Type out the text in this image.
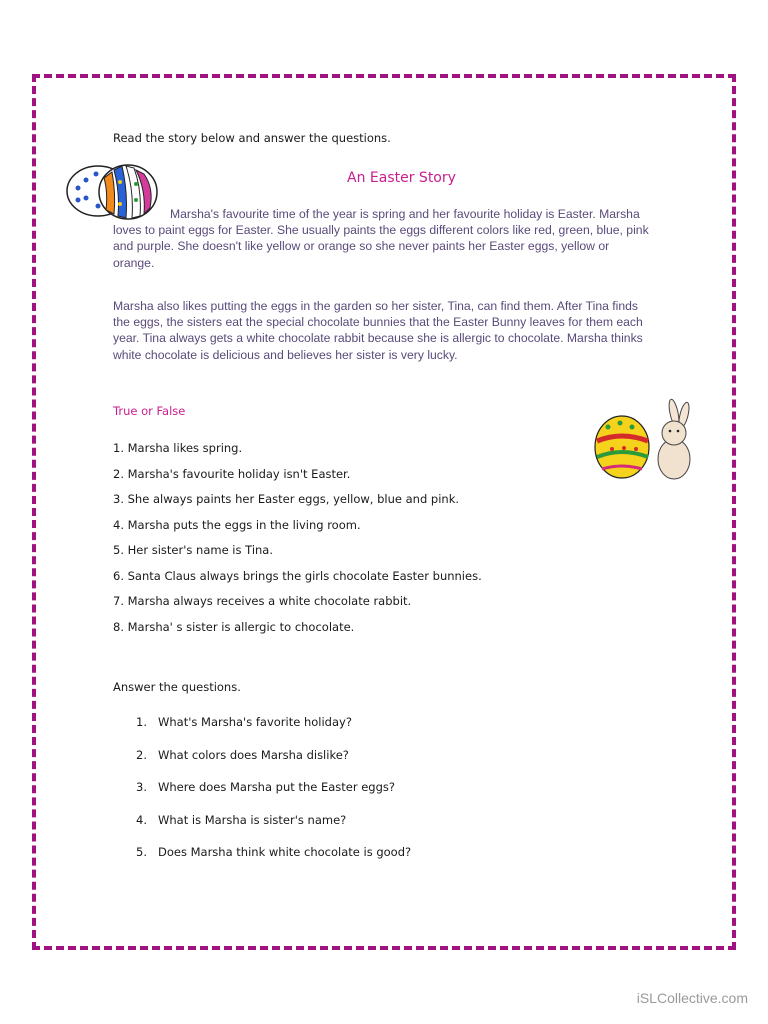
Read the story below and answer the questions.
An Easter Story

Marsha's favourite time of the year is spring and her favourite holiday is Easter. Marsha loves to paint eggs for Easter. She usually paints the eggs different colors like red, green, blue, pink and purple. She doesn't like yellow or orange so she never paints her Easter eggs, yellow or orange.

Marsha also likes putting the eggs in the garden so her sister, Tina, can find them. After Tina finds the eggs, the sisters eat the special chocolate bunnies that the Easter Bunny leaves for them each year. Tina always gets a white chocolate rabbit because she is allergic to chocolate. Marsha thinks white chocolate is delicious and believes her sister is very lucky.

True or False
1. Marsha likes spring.
2. Marsha's favourite holiday isn't Easter.
3. She always paints her Easter eggs, yellow, blue and pink.
4. Marsha puts the eggs in the living room.
5. Her sister's name is Tina.
6. Santa Claus always brings the girls chocolate Easter bunnies.
7. Marsha always receives a white chocolate rabbit.
8. Marsha' s sister is allergic to chocolate.
Answer the questions.
1. What's Marsha's favorite holiday?
2. What colors does Marsha dislike?
3. Where does Marsha put the Easter eggs?
4. What is Marsha is sister's name?
5. Does Marsha think white chocolate is good?
iSLCollective.com
